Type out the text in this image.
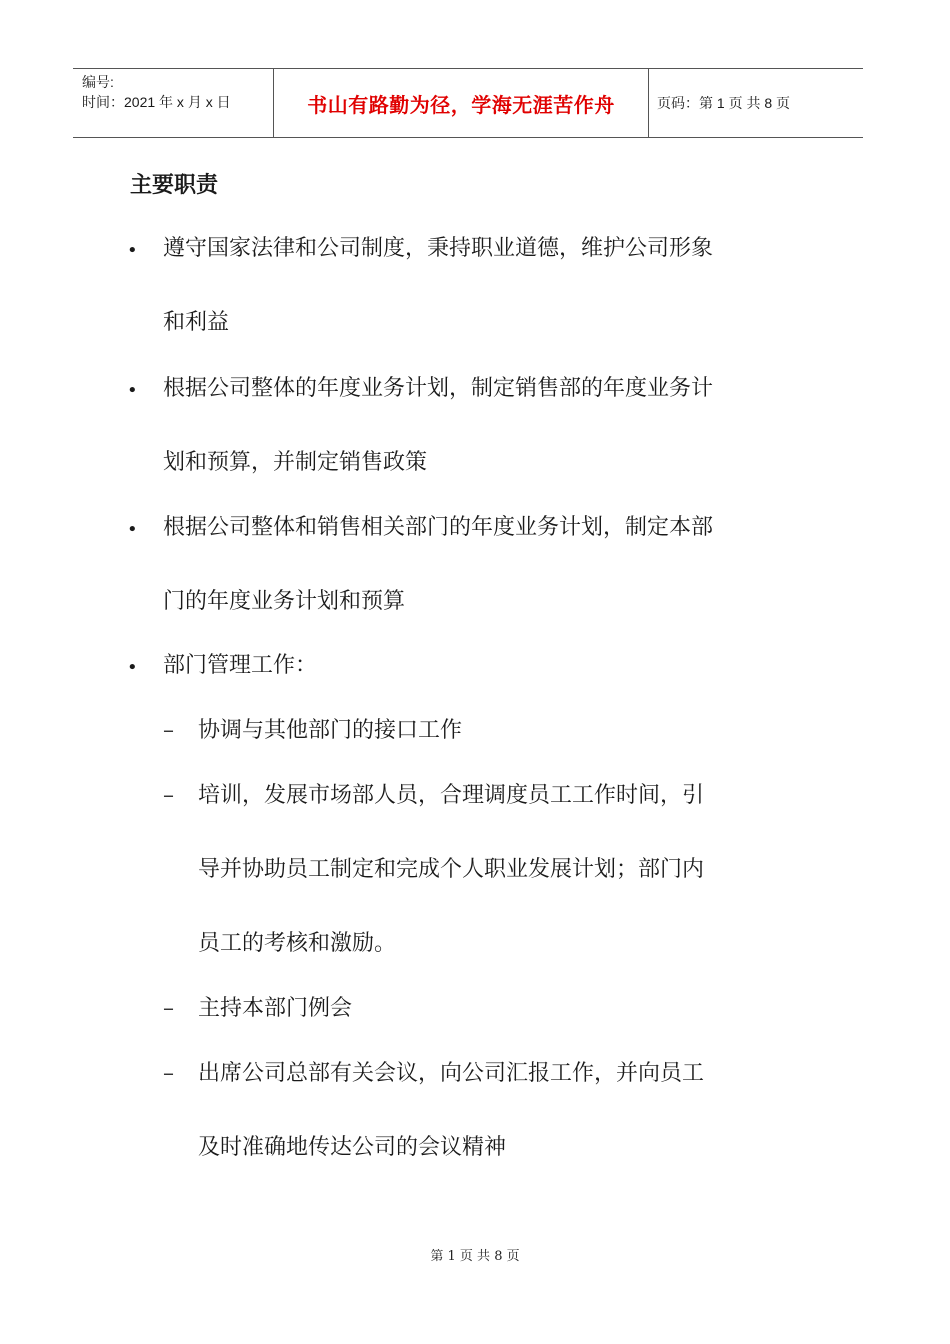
编号:
时间：2021 年 x 月 x 日	书山有路勤为径，学海无涯苦作舟	页码：第 1 页 共 8 页
主要职责
• 遵守国家法律和公司制度，秉持职业道德，维护公司形象
和利益
• 根据公司整体的年度业务计划，制定销售部的年度业务计
划和预算，并制定销售政策
• 根据公司整体和销售相关部门的年度业务计划，制定本部
门的年度业务计划和预算
• 部门管理工作：
– 协调与其他部门的接口工作
– 培训，发展市场部人员，合理调度员工工作时间，引
导并协助员工制定和完成个人职业发展计划；部门内
员工的考核和激励。
– 主持本部门例会
– 出席公司总部有关会议，向公司汇报工作，并向员工
及时准确地传达公司的会议精神
第 1 页 共 8 页
